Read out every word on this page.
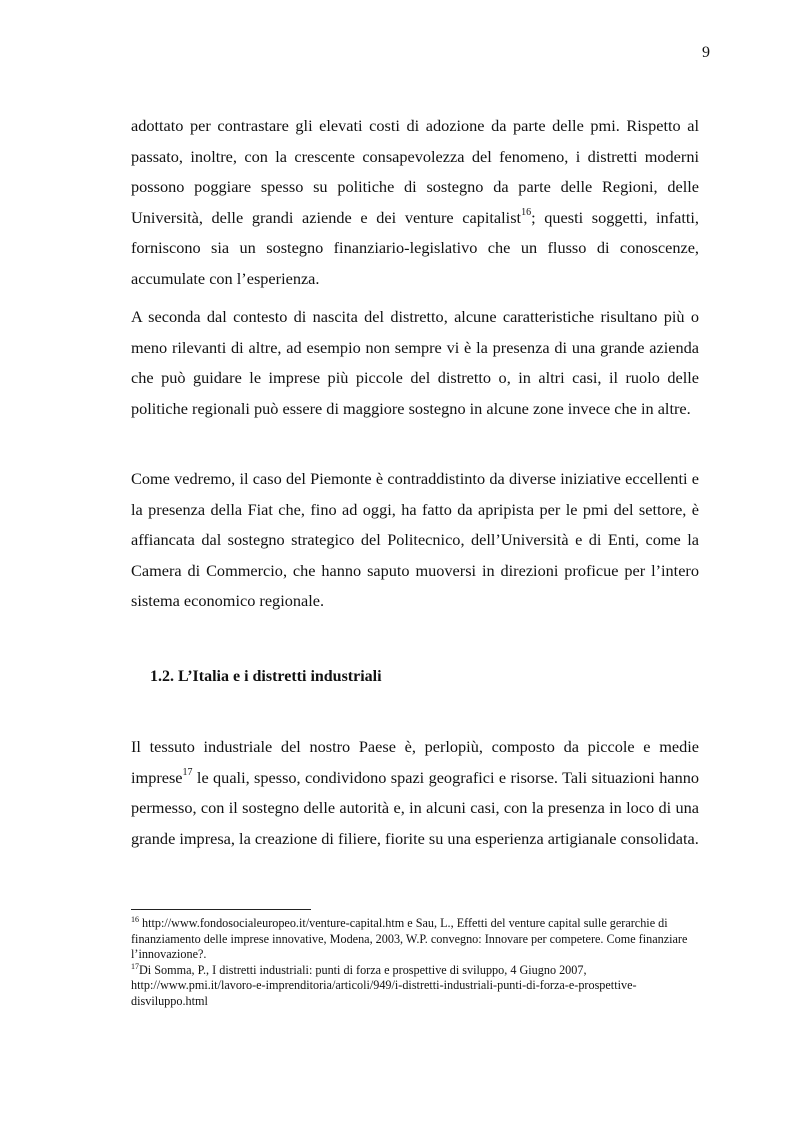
9

adottato per contrastare gli elevati costi di adozione da parte delle pmi. Rispetto al passato, inoltre, con la crescente consapevolezza del fenomeno, i distretti moderni possono poggiare spesso su politiche di sostegno da parte delle Regioni, delle Università, delle grandi aziende e dei venture capitalist$^{16}$; questi soggetti, infatti, forniscono sia un sostegno finanziario-legislativo che un flusso di conoscenze, accumulate con l’esperienza.

A seconda dal contesto di nascita del distretto, alcune caratteristiche risultano più o meno rilevanti di altre, ad esempio non sempre vi è la presenza di una grande azienda che può guidare le imprese più piccole del distretto o, in altri casi, il ruolo delle politiche regionali può essere di maggiore sostegno in alcune zone invece che in altre.

Come vedremo, il caso del Piemonte è contraddistinto da diverse iniziative eccellenti e la presenza della Fiat che, fino ad oggi, ha fatto da apripista per le pmi del settore, è affiancata dal sostegno strategico del Politecnico, dell’Università e di Enti, come la Camera di Commercio, che hanno saputo muoversi in direzioni proficue per l’intero sistema economico regionale.

1.2. L’Italia e i distretti industriali

Il tessuto industriale del nostro Paese è, perlopiù, composto da piccole e medie imprese$^{17}$ le quali, spesso, condividono spazi geografici e risorse. Tali situazioni hanno permesso, con il sostegno delle autorità e, in alcuni casi, con la presenza in loco di una grande impresa, la creazione di filiere, fiorite su una esperienza artigianale consolidata.

$^{16}$ http://www.fondosocialeuropeo.it/venture-capital.htm e Sau, L., Effetti del venture capital sulle gerarchie di finanziamento delle imprese innovative, Modena, 2003, W.P. convegno: Innovare per competere. Come finanziare l’innovazione?.

$^{17}$Di Somma, P., I distretti industriali: punti di forza e prospettive di sviluppo, 4 Giugno 2007, http://www.pmi.it/lavoro-e-imprenditoria/articoli/949/i-distretti-industriali-punti-di-forza-e-prospettive-disviluppo.html
